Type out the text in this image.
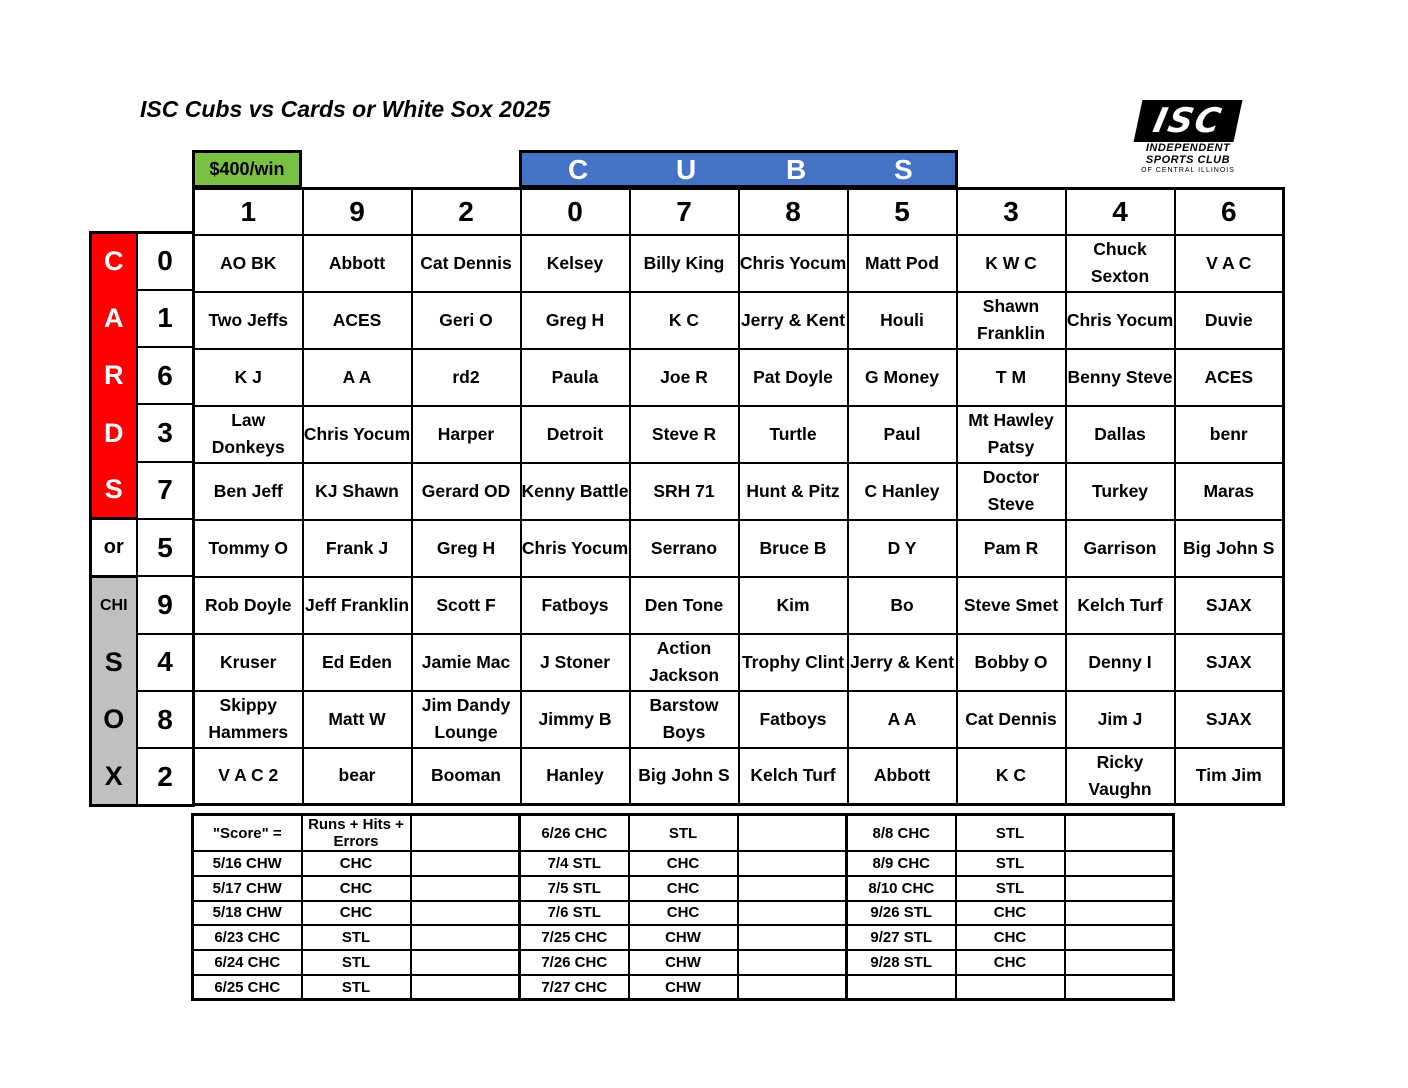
ISC Cubs vs Cards or White Sox 2025	ISC
INDEPENDENT
SPORTS CLUB
OF CENTRAL ILLINOIS
$400/win	C	U	B	S
C	0
A	1
R	6
D	3
S	7
or	5
CHI	9
S	4
O	8
X	2
1	9	2	0	7	8	5	3	4	6
AO BK	Abbott	Cat Dennis	Kelsey	Billy King	Chris Yocum	Matt Pod	K W C	Chuck Sexton	V A C
Two Jeffs	ACES	Geri O	Greg H	K C	Jerry & Kent	Houli	Shawn Franklin	Chris Yocum	Duvie
K J	A A	rd2	Paula	Joe R	Pat Doyle	G Money	T M	Benny Steve	ACES
Law Donkeys	Chris Yocum	Harper	Detroit	Steve R	Turtle	Paul	Mt Hawley Patsy	Dallas	benr
Ben Jeff	KJ Shawn	Gerard OD	Kenny Battle	SRH 71	Hunt & Pitz	C Hanley	Doctor Steve	Turkey	Maras
Tommy O	Frank J	Greg H	Chris Yocum	Serrano	Bruce B	D Y	Pam R	Garrison	Big John S
Rob Doyle	Jeff Franklin	Scott F	Fatboys	Den Tone	Kim	Bo	Steve Smet	Kelch Turf	SJAX
Kruser	Ed Eden	Jamie Mac	J Stoner	Action Jackson	Trophy Clint	Jerry & Kent	Bobby O	Denny I	SJAX
Skippy Hammers	Matt W	Jim Dandy Lounge	Jimmy B	Barstow Boys	Fatboys	A A	Cat Dennis	Jim J	SJAX
V A C 2	bear	Booman	Hanley	Big John S	Kelch Turf	Abbott	K C	Ricky Vaughn	Tim Jim
"Score" =	Runs + Hits + Errors		6/26 CHC	STL		8/8 CHC	STL	
5/16 CHW	CHC		7/4 STL	CHC		8/9 CHC	STL	
5/17 CHW	CHC		7/5 STL	CHC		8/10 CHC	STL	
5/18 CHW	CHC		7/6 STL	CHC		9/26 STL	CHC	
6/23 CHC	STL		7/25 CHC	CHW		9/27 STL	CHC	
6/24 CHC	STL		7/26 CHC	CHW		9/28 STL	CHC	
6/25 CHC	STL		7/27 CHC	CHW				
